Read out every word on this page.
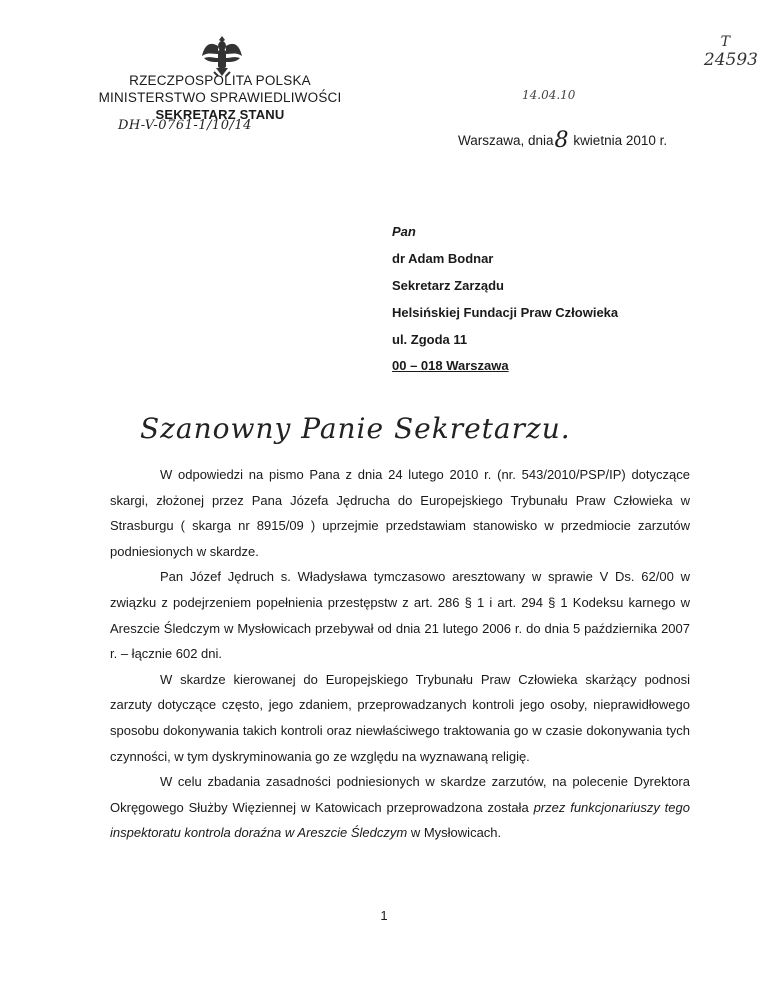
RZECZPOSPOLITA POLSKA
MINISTERSTWO SPRAWIEDLIWOŚCI
SEKRETARZ STANU
DH-V-0761-1/10/14
T
24593
14.04.10
Warszawa, dnia8 kwietnia 2010 r.
Pan
dr Adam Bodnar
Sekretarz Zarządu
Helsińskiej Fundacji Praw Człowieka
ul. Zgoda 11
00 – 018 Warszawa
Szanowny Panie Sekretarzu.

W odpowiedzi na pismo Pana z dnia 24 lutego 2010 r. (nr. 543/2010/PSP/IP) dotyczące skargi, złożonej przez Pana Józefa Jędrucha do Europejskiego Trybunału Praw Człowieka w Strasburgu ( skarga nr 8915/09 ) uprzejmie przedstawiam stanowisko w przedmiocie zarzutów podniesionych w skardze.

Pan Józef Jędruch s. Władysława tymczasowo aresztowany w sprawie V Ds. 62/00 w związku z podejrzeniem popełnienia przestępstw z art. 286 § 1 i art. 294 § 1 Kodeksu karnego w Areszcie Śledczym w Mysłowicach przebywał od dnia 21 lutego 2006 r. do dnia 5 października 2007 r. – łącznie 602 dni.

W skardze kierowanej do Europejskiego Trybunału Praw Człowieka skarżący podnosi zarzuty dotyczące często, jego zdaniem, przeprowadzanych kontroli jego osoby, nieprawidłowego sposobu dokonywania takich kontroli oraz niewłaściwego traktowania go w czasie dokonywania tych czynności, w tym dyskryminowania go ze względu na wyznawaną religię.

W celu zbadania zasadności podniesionych w skardze zarzutów, na polecenie Dyrektora Okręgowego Służby Więziennej w Katowicach przeprowadzona została przez funkcjonariuszy tego inspektoratu kontrola doraźna w Areszcie Śledczym w Mysłowicach.

1
